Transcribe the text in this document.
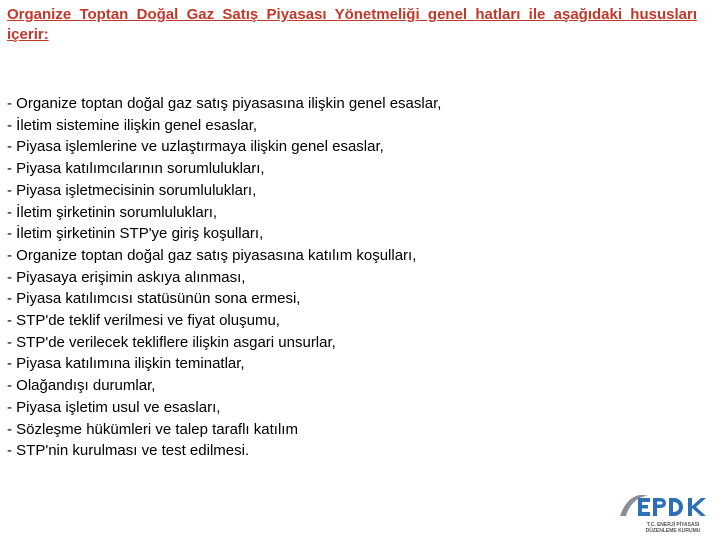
Organize Toptan Doğal Gaz Satış Piyasası Yönetmeliği genel hatları ile aşağıdaki hususları içerir:
- Organize toptan doğal gaz satış piyasasına ilişkin genel esaslar,
- İletim sistemine ilişkin genel esaslar,
- Piyasa işlemlerine ve uzlaştırmaya ilişkin genel esaslar,
- Piyasa katılımcılarının sorumlulukları,
- Piyasa işletmecisinin sorumlulukları,
- İletim şirketinin sorumlulukları,
- İletim şirketinin STP'ye giriş koşulları,
- Organize toptan doğal gaz satış piyasasına katılım koşulları,
- Piyasaya erişimin askıya alınması,
- Piyasa katılımcısı statüsünün sona ermesi,
- STP'de teklif verilmesi ve fiyat oluşumu,
- STP'de verilecek tekliflere ilişkin asgari unsurlar,
- Piyasa katılımına ilişkin teminatlar,
- Olağandışı durumlar,
- Piyasa işletim usul ve esasları,
- Sözleşme hükümleri ve talep taraflı katılım
- STP'nin kurulması ve test edilmesi.
T.C. ENERJİ PİYASASI DÜZENLEME KURUMU
